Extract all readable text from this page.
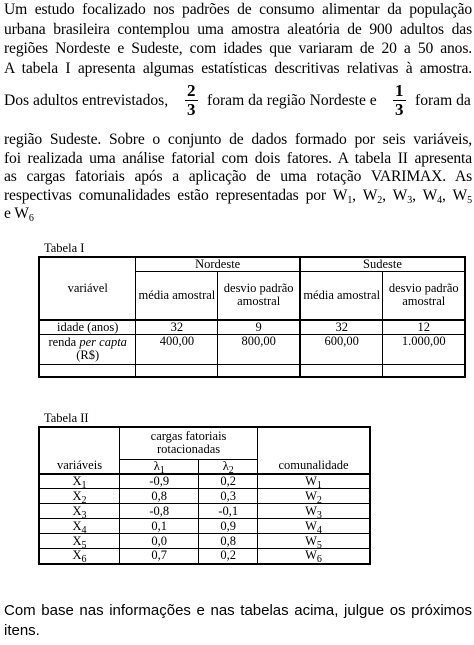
Um estudo focalizado nos padrões de consumo alimentar da população
urbana brasileira contemplou uma amostra aleatória de 900 adultos das
regiões Nordeste e Sudeste, com idades que variaram de 20 a 50 anos.
A tabela I apresenta algumas estatísticas descritivas relativas à amostra.
Dos adultos entrevistados, $\frac{2}{3}$ foram da região Nordeste e $\frac{1}{3}$ foram da
região Sudeste. Sobre o conjunto de dados formado por seis variáveis,
foi realizada uma análise fatorial com dois fatores. A tabela II apresenta
as cargas fatoriais após a aplicação de uma rotação VARIMAX. As
respectivas comunalidades estão representadas por $W_1$, $W_2$, $W_3$, $W_4$, $W_5$
e $W_6$
Tabela I
variável	Nordeste		Sudeste	
	média amostral	desvio padrão amostral	média amostral	desvio padrão amostral
idade (anos)	32	9	32	12
renda per capta (R$)	400,00	800,00	600,00	1.000,00

Tabela II
	cargas fatoriais rotacionadas		
variáveis	$\lambda_1$	$\lambda_2$	comunalidade
$X_1$	-0,9	0,2	$W_1$
$X_2$	0,8	0,3	$W_2$
$X_3$	-0,8	-0,1	$W_3$
$X_4$	0,1	0,9	$W_4$
$X_5$	0,0	0,8	$W_5$
$X_6$	0,7	0,2	$W_6$
Com base nas informações e nas tabelas acima, julgue os próximos
itens.
